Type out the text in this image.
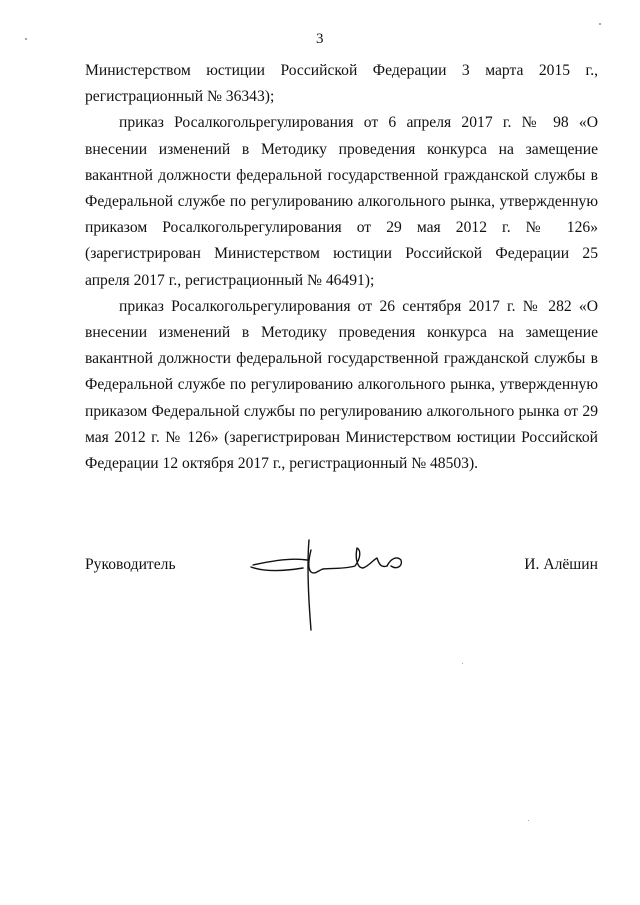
3

Министерством юстиции Российской Федерации 3 марта 2015 г., регистрационный № 36343);

приказ Росалкогольрегулирования от 6 апреля 2017 г. № 98 «О внесении изменений в Методику проведения конкурса на замещение вакантной должности федеральной государственной гражданской службы в Федеральной службе по регулированию алкогольного рынка, утвержденную приказом Росалкогольрегулирования от 29 мая 2012 г. № 126» (зарегистрирован Министерством юстиции Российской Федерации 25 апреля 2017 г., регистрационный № 46491);

приказ Росалкогольрегулирования от 26 сентября 2017 г. № 282 «О внесении изменений в Методику проведения конкурса на замещение вакантной должности федеральной государственной гражданской службы в Федеральной службе по регулированию алкогольного рынка, утвержденную приказом Федеральной службы по регулированию алкогольного рынка от 29 мая 2012 г. № 126» (зарегистрирован Министерством юстиции Российской Федерации 12 октября 2017 г., регистрационный № 48503).

Руководитель	И. Алёшин
